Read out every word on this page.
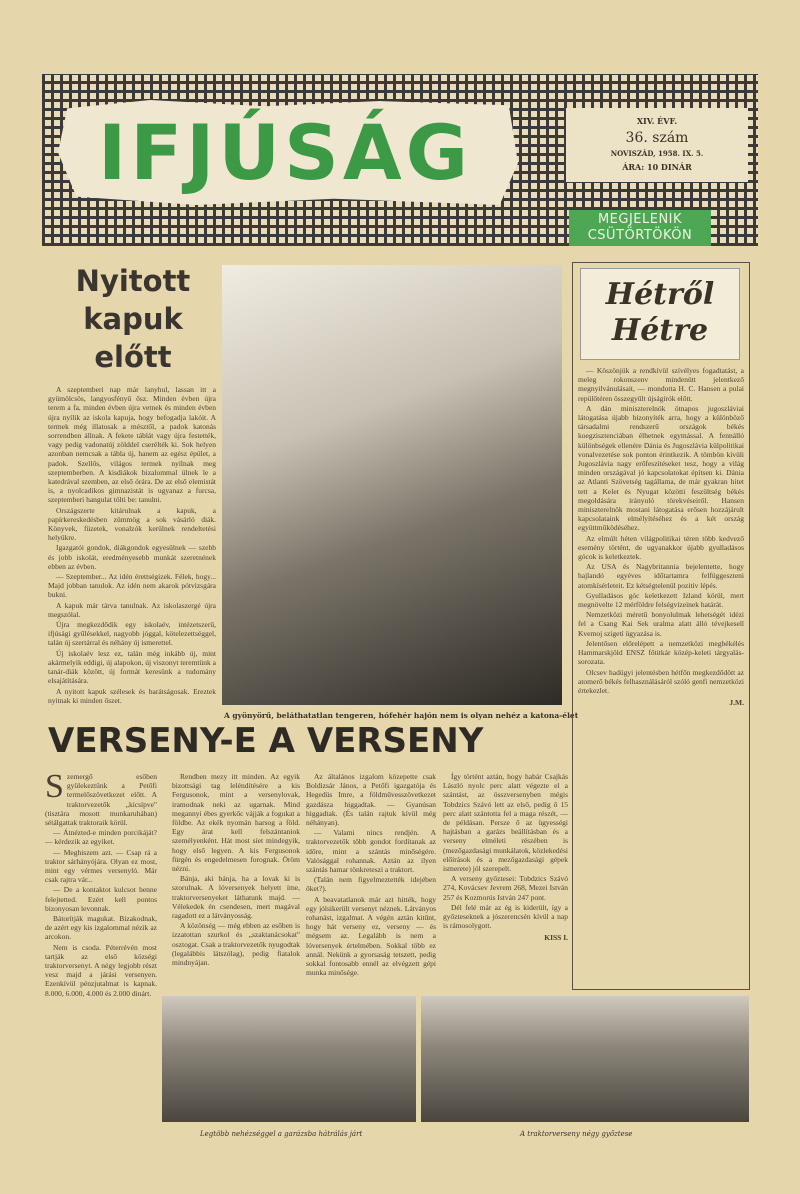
IFJÚSÁG	XIV. ÉVF.
36. szám
NOVISZÁD, 1958. IX. 5.
ÁRA: 10 DINÁR
MEGJELENIK
CSÜTÖRTÖKÖN
Nyitott kapuk előtt

A szeptemberi nap már lanyhul, lassan itt a gyümölcsös, langyosfényű ősz. Minden évben újra terem a fa, minden évben újra vetnek és minden évben újra nyílik az iskola kapuja, hogy befogadja lakóit. A termek még illatosak a mésztől, a padok katonás sorrendben állnak. A fekete táblát vagy újra festették, vagy pedig vadonatúj zölddel cserélték ki. Sok helyen azonban nemcsak a tábla új, hanem az egész épület, a padok. Szellős, világos termek nyílnak meg szeptemberben. A kisdiákok bizalommal ülnek le a katedrával szemben, az első órára. De az első elemistát is, a nyolcadikos gimnazistát is ugyanaz a furcsa, szeptemberi hangulat tölti be: tanulni.

Országszerte kitárulnak a kapuk, a papírkereskedésben zümmög a sok vásárló diák. Könyvek, füzetek, vonalzók kerülnek rendeltetési helyükre.

Igazgatói gondok, diákgondok egyesülnek — szebb és jobb iskolát, eredményesebb munkát szeretnének ebben az évben.

— Szeptember... Az idén érettségizek. Félek, hogy... Majd jobban tanulok. Az idén nem akarok pótvizsgára bukni.

A kapuk már tárva tanulnak. Az iskolaszergé újra megszólal.

Újra megkezdődik egy iskolaév, intézetszerű, ifjúsági gyűlésekkel, nagyobb jóggal, kötelezettséggel, talán új szertárral és néhány új ismerettel.

Új iskolaév lesz ez, talán még inkább új, mint akármelyik eddigi, új alapokon, új viszonyt teremtünk a tanár-diák között, új formát keresünk a tudomány elsajátítására.

A nyitott kapuk szélesek és barátságosak. Ereztek nyitnak ki minden őszet.

A gyönyörű, beláthatatlan tengeren, hófehér hajón nem is olyan nehéz a katona-élet
Hétről Hétre

— Köszönjük a rendkívül szívélyes fogadtatást, a meleg rokonszenv mindenütt jelentkező megnyilvánulásait, — mondotta H. C. Hansen a pulai repülőtéren összegyűlt újságírók előtt.

A dán miniszterelnök ötnapos jugoszláviai látogatása újabb bizonyíték arra, hogy a különböző társadalmi rendszerű országok békés koegzisztenciában élhetnek egymással. A fennálló különbségek ellenére Dánia és Jugoszlávia külpolitikai vonalvezetése sok ponton érintkezik. A tömbön kívüli Jugoszlávia nagy erőfeszítéseket tesz, hogy a világ minden országával jó kapcsolatokat építsen ki. Dánia az Atlanti Szövetség tagállama, de már gyakran hitet tett a Kelet és Nyugat közötti feszültség békés megoldására irányuló törekvéseiről. Hansen miniszterelnök mostani látogatása erősen hozzájárult kapcsolataink elmélyítéséhez és a két ország együttműködéséhez.

Az elmúlt héten világpolitikai téren több kedvező esemény történt, de ugyanakkor újabb gyulladásos gócok is keletkeztek.

Az USA és Nagybritannia bejelentette, hogy hajlandó egyéves időtartamra felfüggeszteni atomkísérleteit. Ez kétségtelenül pozitív lépés.

Gyulladásos góc keletkezett Izland körül, mert megnövelte 12 mérföldre felségvizeinek határát.

Nemzetközi méretű bonyolulmak lehetségét idézi fel a Csang Kai Sek uralma alatt álló tévejkesell Kvemoj szigetí ügyazása is.

Jelentősen előrelépett a nemzetközi megbékélés Hammarskjöld ENSZ főtitkár közép-keleti tárgyalás-sorozata.

Olcsev hadügyi jelentésben hétfőn megkezdődött az atomerő békés felhasználásáról szóló genfi nemzetközi értekezlet.

J.M.

VERSENY-E A VERSENY

Szemergő esőben gyülekeztünk a Petőfi termelőszövetkezet előtt. A traktorvezetők „kicsípve" (tisztára mosott munkaruhában) sétálgattak traktoraik körül.

— Átnézted-e minden porcikáját? — kérdezik az egyiket.

— Meghiszem azt. — Csap rá a traktor sárhányójára. Olyan ez most, mint egy vérmes versenyló. Már csak rajtra vár...

— De a kontaktot kulcsot benne felejtetted. Ezért kell pontos bizonyosan levonnak.

Bátorítják magukat. Bizakodnak, de azért egy kis izgalommal nézik az arcokon.

Nem is csoda. Péterrévén most tartják az első községi traktorversenyt. A négy legjobb részt vesz majd a járási versenyen. Ezenkívül pénzjutalmat is kapnak. 8.000, 6.000, 4.000 és 2.000 dinárt.

Rendben mezy itt minden. Az egyik bizottsági tag leléndítésére a kis Fergusonok, mint a versenylovak, iramodnak neki az ugarnak. Mind megannyi ébes gyerkőc vájják a fogukat a földbe. Az ekék nyomán harsog a föld. Egy árat kell felszántaniok személyenként. Hát most siet mindegyik, hogy első legyen. A kis Fergusonok fürgén és engedelmesen forognak. Öröm nézni.

Bánja, aki bánja, ha a lovak ki is szorulnak. A lóversenyek helyett íme, traktorversenyeket láthatunk majd. — Vélekedek én csendesen, mert magával ragadott ez a látványosság.

A közönség — még ebben az esőben is izzatottan szurkol és „szaktanácsokat" osztogat. Csak a traktorvezetők nyugodtak (legalábbis látszólag), pedig fiatalok mindnyájan.

Az általános izgalom közepette csak Boldizsár János, a Petőfi igazgatója és Hegedüs Imre, a földművesszövetkezet gazdásza higgadtak. — Gyanúsan higgadtak. (És talán rajtuk kívül még néhányan).

— Valami nincs rendjén. A traktorvezetők több gondot fordítanak az időre, mint a szántás minőségére. Valósággal rohannak. Aztán az ilyen szántás hamar tönkreteszi a traktort.

(Talán nem figyelmeztették idejében őket?).

A beavatatlanok már azt hitték, hogy egy jólsikerült versenyt néznek. Látványos rohanást, izgalmat. A végén aztán kitűnt, hogy hát verseny ez, verseny — és mégsem az. Legalább is nem a lóversenyek értelmében. Sokkal több ez annál. Nekünk a gyorsaság tetszett, pedig sokkal fontosabb ennél az elvégzett gépi munka minősége.

Így történt aztán, hogy habár Csajkás László nyolc perc alatt végezte el a szántást, az összversenyben mégis Tobdzics Szávó lett az első, pedig ő 15 perc alatt szántotta fel a maga részét, — de példásan. Persze ő az ügyességi hajtásban a garázs beállításban és a verseny elméleti részében is (mezőgazdasági munkálatok, közlekedési előírások és a mezőgazdasági gépek ismerete) jól szerepelt.

A verseny győztesei: Tobdzics Szávó 274, Kovácsev Jevrem 268, Mezei István 257 és Kozmorús István 247 pont.

Dél felé már az ég is kiderült, így a győzteseknek a jószerencsén kívül a nap is rámosolygott.

KISS I.

Legtöbb nehézséggel a garázsba hátrálás járt	A traktorverseny négy győztese
